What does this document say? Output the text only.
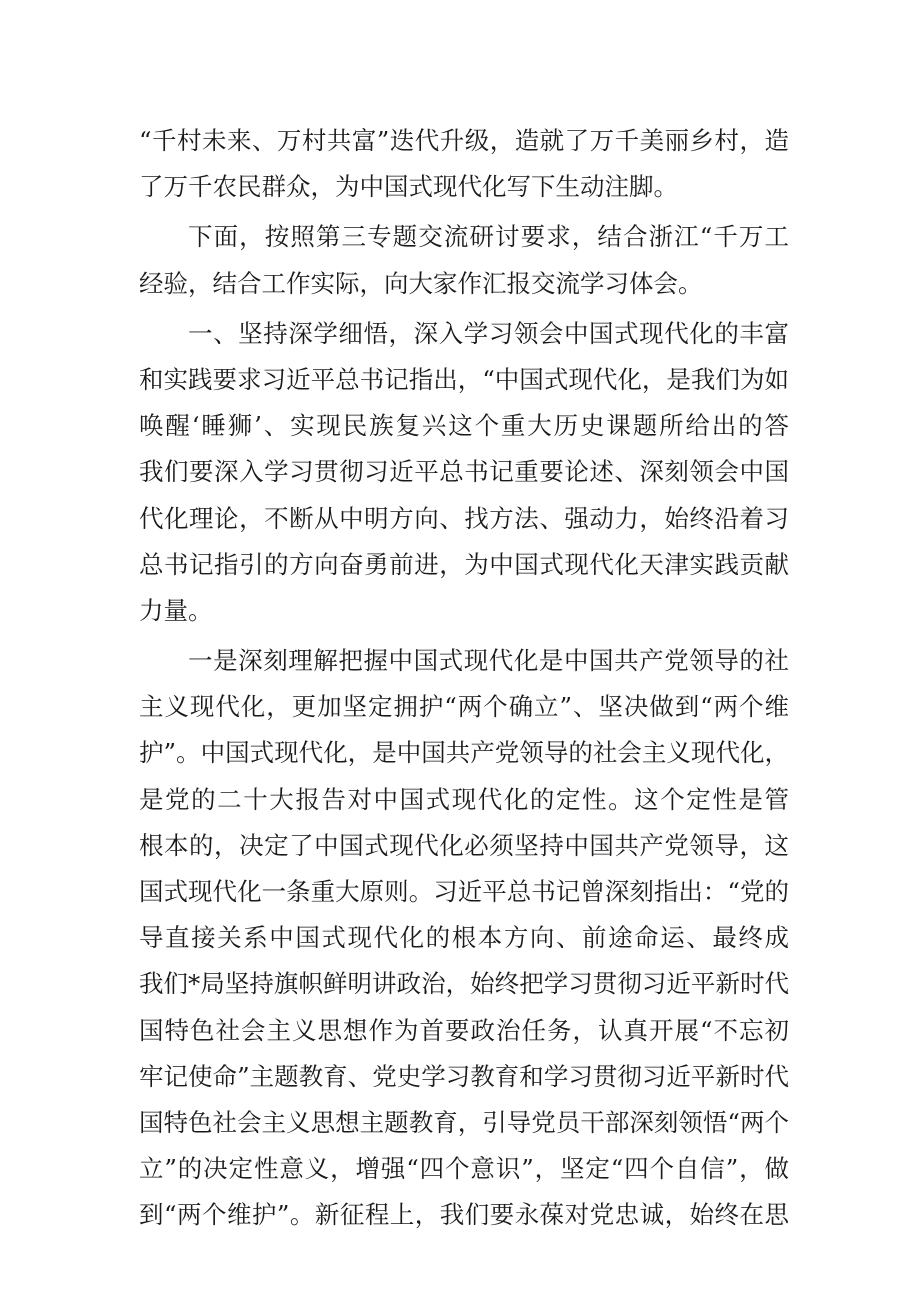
“千村未来、万村共富”迭代升级，造就了万千美丽乡村，造
了万千农民群众，为中国式现代化写下生动注脚。
下面，按照第三专题交流研讨要求，结合浙江“千万工
经验，结合工作实际，向大家作汇报交流学习体会。
一、坚持深学细悟，深入学习领会中国式现代化的丰富
和实践要求习近平总书记指出，“中国式现代化，是我们为如
唤醒‘睡狮’、实现民族复兴这个重大历史课题所给出的答
我们要深入学习贯彻习近平总书记重要论述、深刻领会中国
代化理论，不断从中明方向、找方法、强动力，始终沿着习
总书记指引的方向奋勇前进，为中国式现代化天津实践贡献
力量。
一是深刻理解把握中国式现代化是中国共产党领导的社
主义现代化，更加坚定拥护“两个确立”、坚决做到“两个维
护”。中国式现代化，是中国共产党领导的社会主义现代化，
是党的二十大报告对中国式现代化的定性。这个定性是管
根本的，决定了中国式现代化必须坚持中国共产党领导，这
国式现代化一条重大原则。习近平总书记曾深刻指出：“党的
导直接关系中国式现代化的根本方向、前途命运、最终成
我们*局坚持旗帜鲜明讲政治，始终把学习贯彻习近平新时代
国特色社会主义思想作为首要政治任务，认真开展“不忘初
牢记使命”主题教育、党史学习教育和学习贯彻习近平新时代
国特色社会主义思想主题教育，引导党员干部深刻领悟“两个
立”的决定性意义，增强“四个意识”，坚定“四个自信”，做
到“两个维护”。新征程上，我们要永葆对党忠诚，始终在思
